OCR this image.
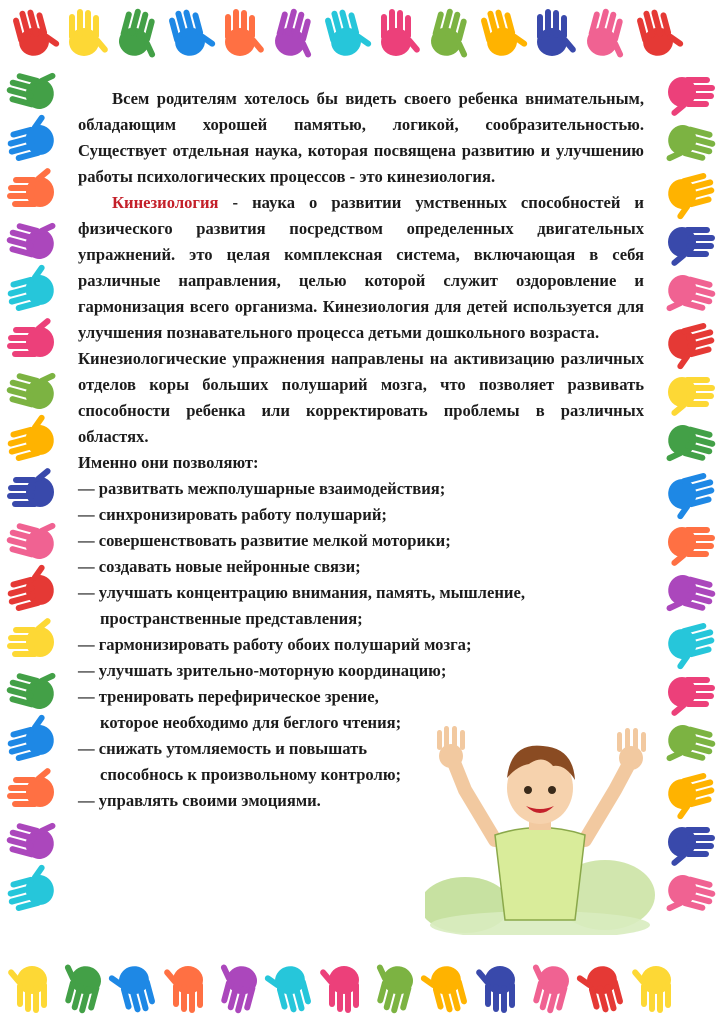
Всем родителям хотелось бы видеть своего ребенка внимательным, обладающим хорошей памятью, логикой, сообразительностью. Существует отдельная наука, которая посвящена развитию и улучшению работы психологических процессов - это кинезиология.

Кинезиология - наука о развитии умственных способностей и физического развития посредством определенных двигательных упражнений. это целая комплексная система, включающая в себя различные направления, целью которой служит оздоровление и гармонизация всего организма. Кинезиология для детей используется для улучшения познавательного процесса детьми дошкольного возраста.

Кинезиологические упражнения направлены на активизацию различных отделов коры больших полушарий мозга, что позволяет развивать способности ребенка или корректировать проблемы в различных областях.

Именно они позволяют:

— развитвать межполушарные взаимодействия;
— синхронизировать работу полушарий;
— совершенствовать развитие мелкой моторики;
— создавать новые нейронные связи;
— улучшать концентрацию внимания, память, мышление, пространственные представления;
— гармонизировать работу обоих полушарий мозга;
— улучшать зрительно-моторную координацию;
— тренировать перефирическое зрение, которое необходимо для беглого чтения;
— снижать утомляемость и повышать способнось к произвольному контролю;
— управлять своими эмоциями.
